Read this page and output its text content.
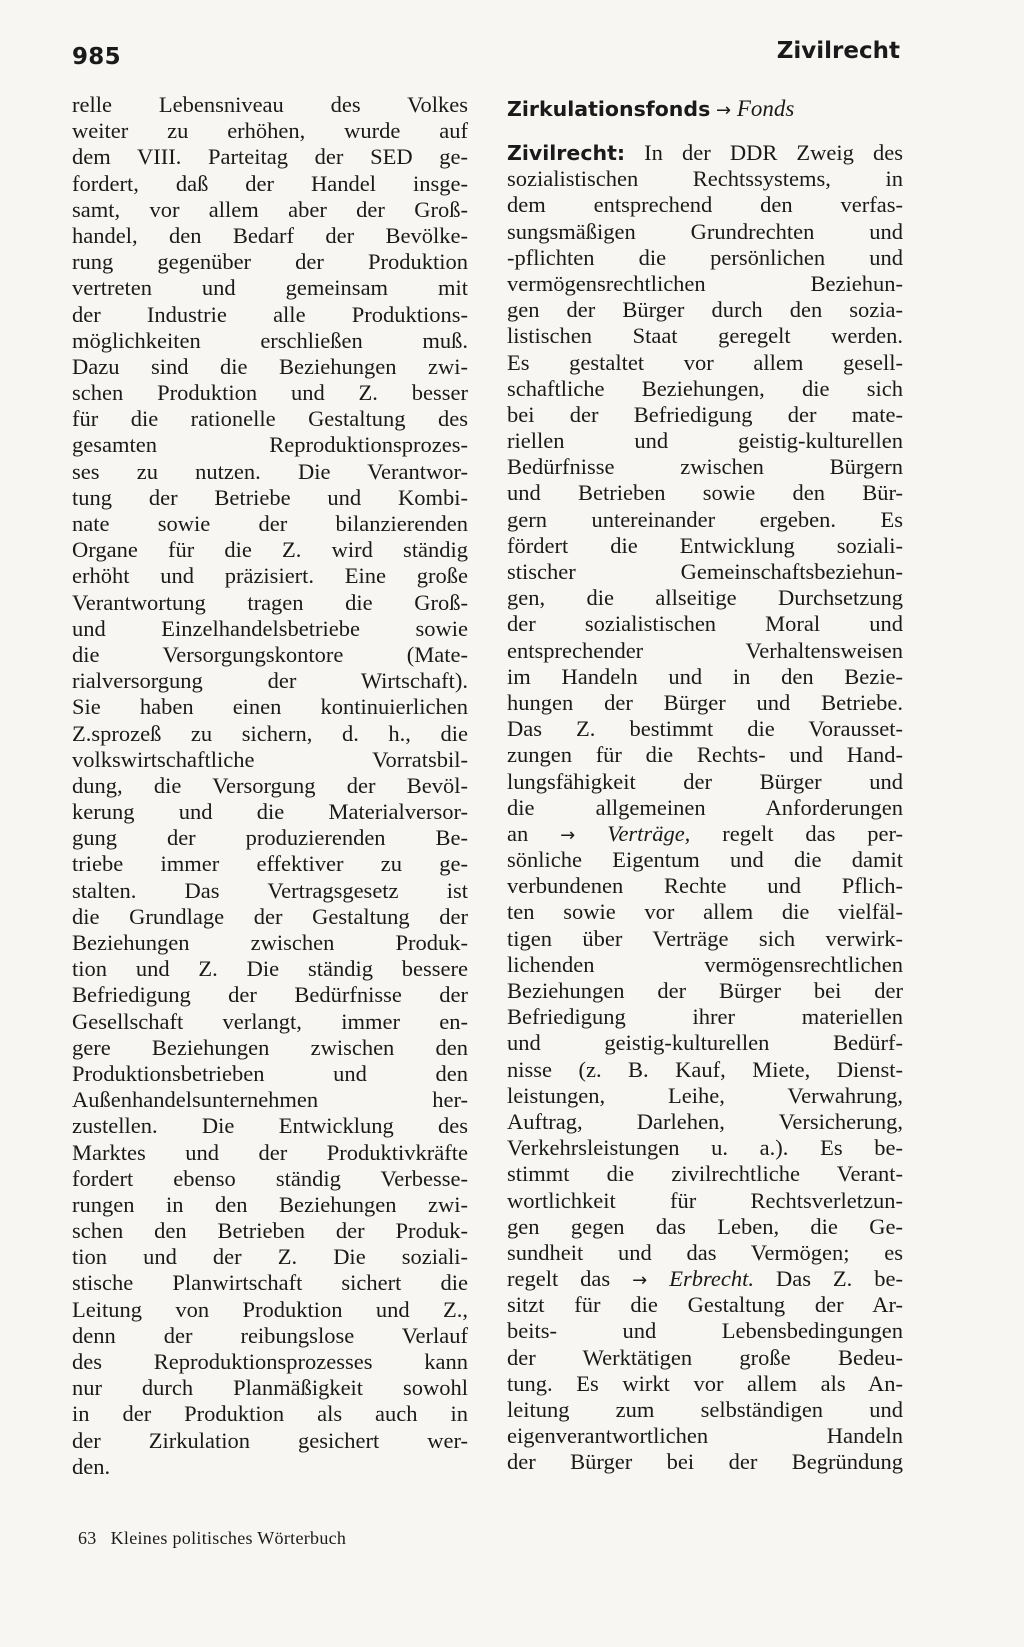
985	Zivilrecht
relle Lebensniveau des Volkes
weiter zu erhöhen, wurde auf
dem VIII. Parteitag der SED ge-
fordert, daß der Handel insge-
samt, vor allem aber der Groß-
handel, den Bedarf der Bevölke-
rung gegenüber der Produktion
vertreten und gemeinsam mit
der Industrie alle Produktions-
möglichkeiten erschließen muß.
Dazu sind die Beziehungen zwi-
schen Produktion und Z. besser
für die rationelle Gestaltung des
gesamten Reproduktionsprozes-
ses zu nutzen. Die Verantwor-
tung der Betriebe und Kombi-
nate sowie der bilanzierenden
Organe für die Z. wird ständig
erhöht und präzisiert. Eine große
Verantwortung tragen die Groß-
und Einzelhandelsbetriebe sowie
die Versorgungskontore (Mate-
rialversorgung der Wirtschaft).
Sie haben einen kontinuierlichen
Z.sprozeß zu sichern, d. h., die
volkswirtschaftliche Vorratsbil-
dung, die Versorgung der Bevöl-
kerung und die Materialversor-
gung der produzierenden Be-
triebe immer effektiver zu ge-
stalten. Das Vertragsgesetz ist
die Grundlage der Gestaltung der
Beziehungen zwischen Produk-
tion und Z. Die ständig bessere
Befriedigung der Bedürfnisse der
Gesellschaft verlangt, immer en-
gere Beziehungen zwischen den
Produktionsbetrieben und den
Außenhandelsunternehmen her-
zustellen. Die Entwicklung des
Marktes und der Produktivkräfte
fordert ebenso ständig Verbesse-
rungen in den Beziehungen zwi-
schen den Betrieben der Produk-
tion und der Z. Die soziali-
stische Planwirtschaft sichert die
Leitung von Produktion und Z.,
denn der reibungslose Verlauf
des Reproduktionsprozesses kann
nur durch Planmäßigkeit sowohl
in der Produktion als auch in
der Zirkulation gesichert wer-
den.
Zirkulationsfonds → Fonds
Zivilrecht: In der DDR Zweig des
sozialistischen Rechtssystems, in
dem entsprechend den verfas-
sungsmäßigen Grundrechten und
-pflichten die persönlichen und
vermögensrechtlichen Beziehun-
gen der Bürger durch den sozia-
listischen Staat geregelt werden.
Es gestaltet vor allem gesell-
schaftliche Beziehungen, die sich
bei der Befriedigung der mate-
riellen und geistig-kulturellen
Bedürfnisse zwischen Bürgern
und Betrieben sowie den Bür-
gern untereinander ergeben. Es
fördert die Entwicklung soziali-
stischer Gemeinschaftsbeziehun-
gen, die allseitige Durchsetzung
der sozialistischen Moral und
entsprechender Verhaltensweisen
im Handeln und in den Bezie-
hungen der Bürger und Betriebe.
Das Z. bestimmt die Vorausset-
zungen für die Rechts- und Hand-
lungsfähigkeit der Bürger und
die allgemeinen Anforderungen
an → Verträge, regelt das per-
sönliche Eigentum und die damit
verbundenen Rechte und Pflich-
ten sowie vor allem die vielfäl-
tigen über Verträge sich verwirk-
lichenden vermögensrechtlichen
Beziehungen der Bürger bei der
Befriedigung ihrer materiellen
und geistig-kulturellen Bedürf-
nisse (z. B. Kauf, Miete, Dienst-
leistungen, Leihe, Verwahrung,
Auftrag, Darlehen, Versicherung,
Verkehrsleistungen u. a.). Es be-
stimmt die zivilrechtliche Verant-
wortlichkeit für Rechtsverletzun-
gen gegen das Leben, die Ge-
sundheit und das Vermögen; es
regelt das → Erbrecht. Das Z. be-
sitzt für die Gestaltung der Ar-
beits- und Lebensbedingungen
der Werktätigen große Bedeu-
tung. Es wirkt vor allem als An-
leitung zum selbständigen und
eigenverantwortlichen Handeln
der Bürger bei der Begründung
63 Kleines politisches Wörterbuch
